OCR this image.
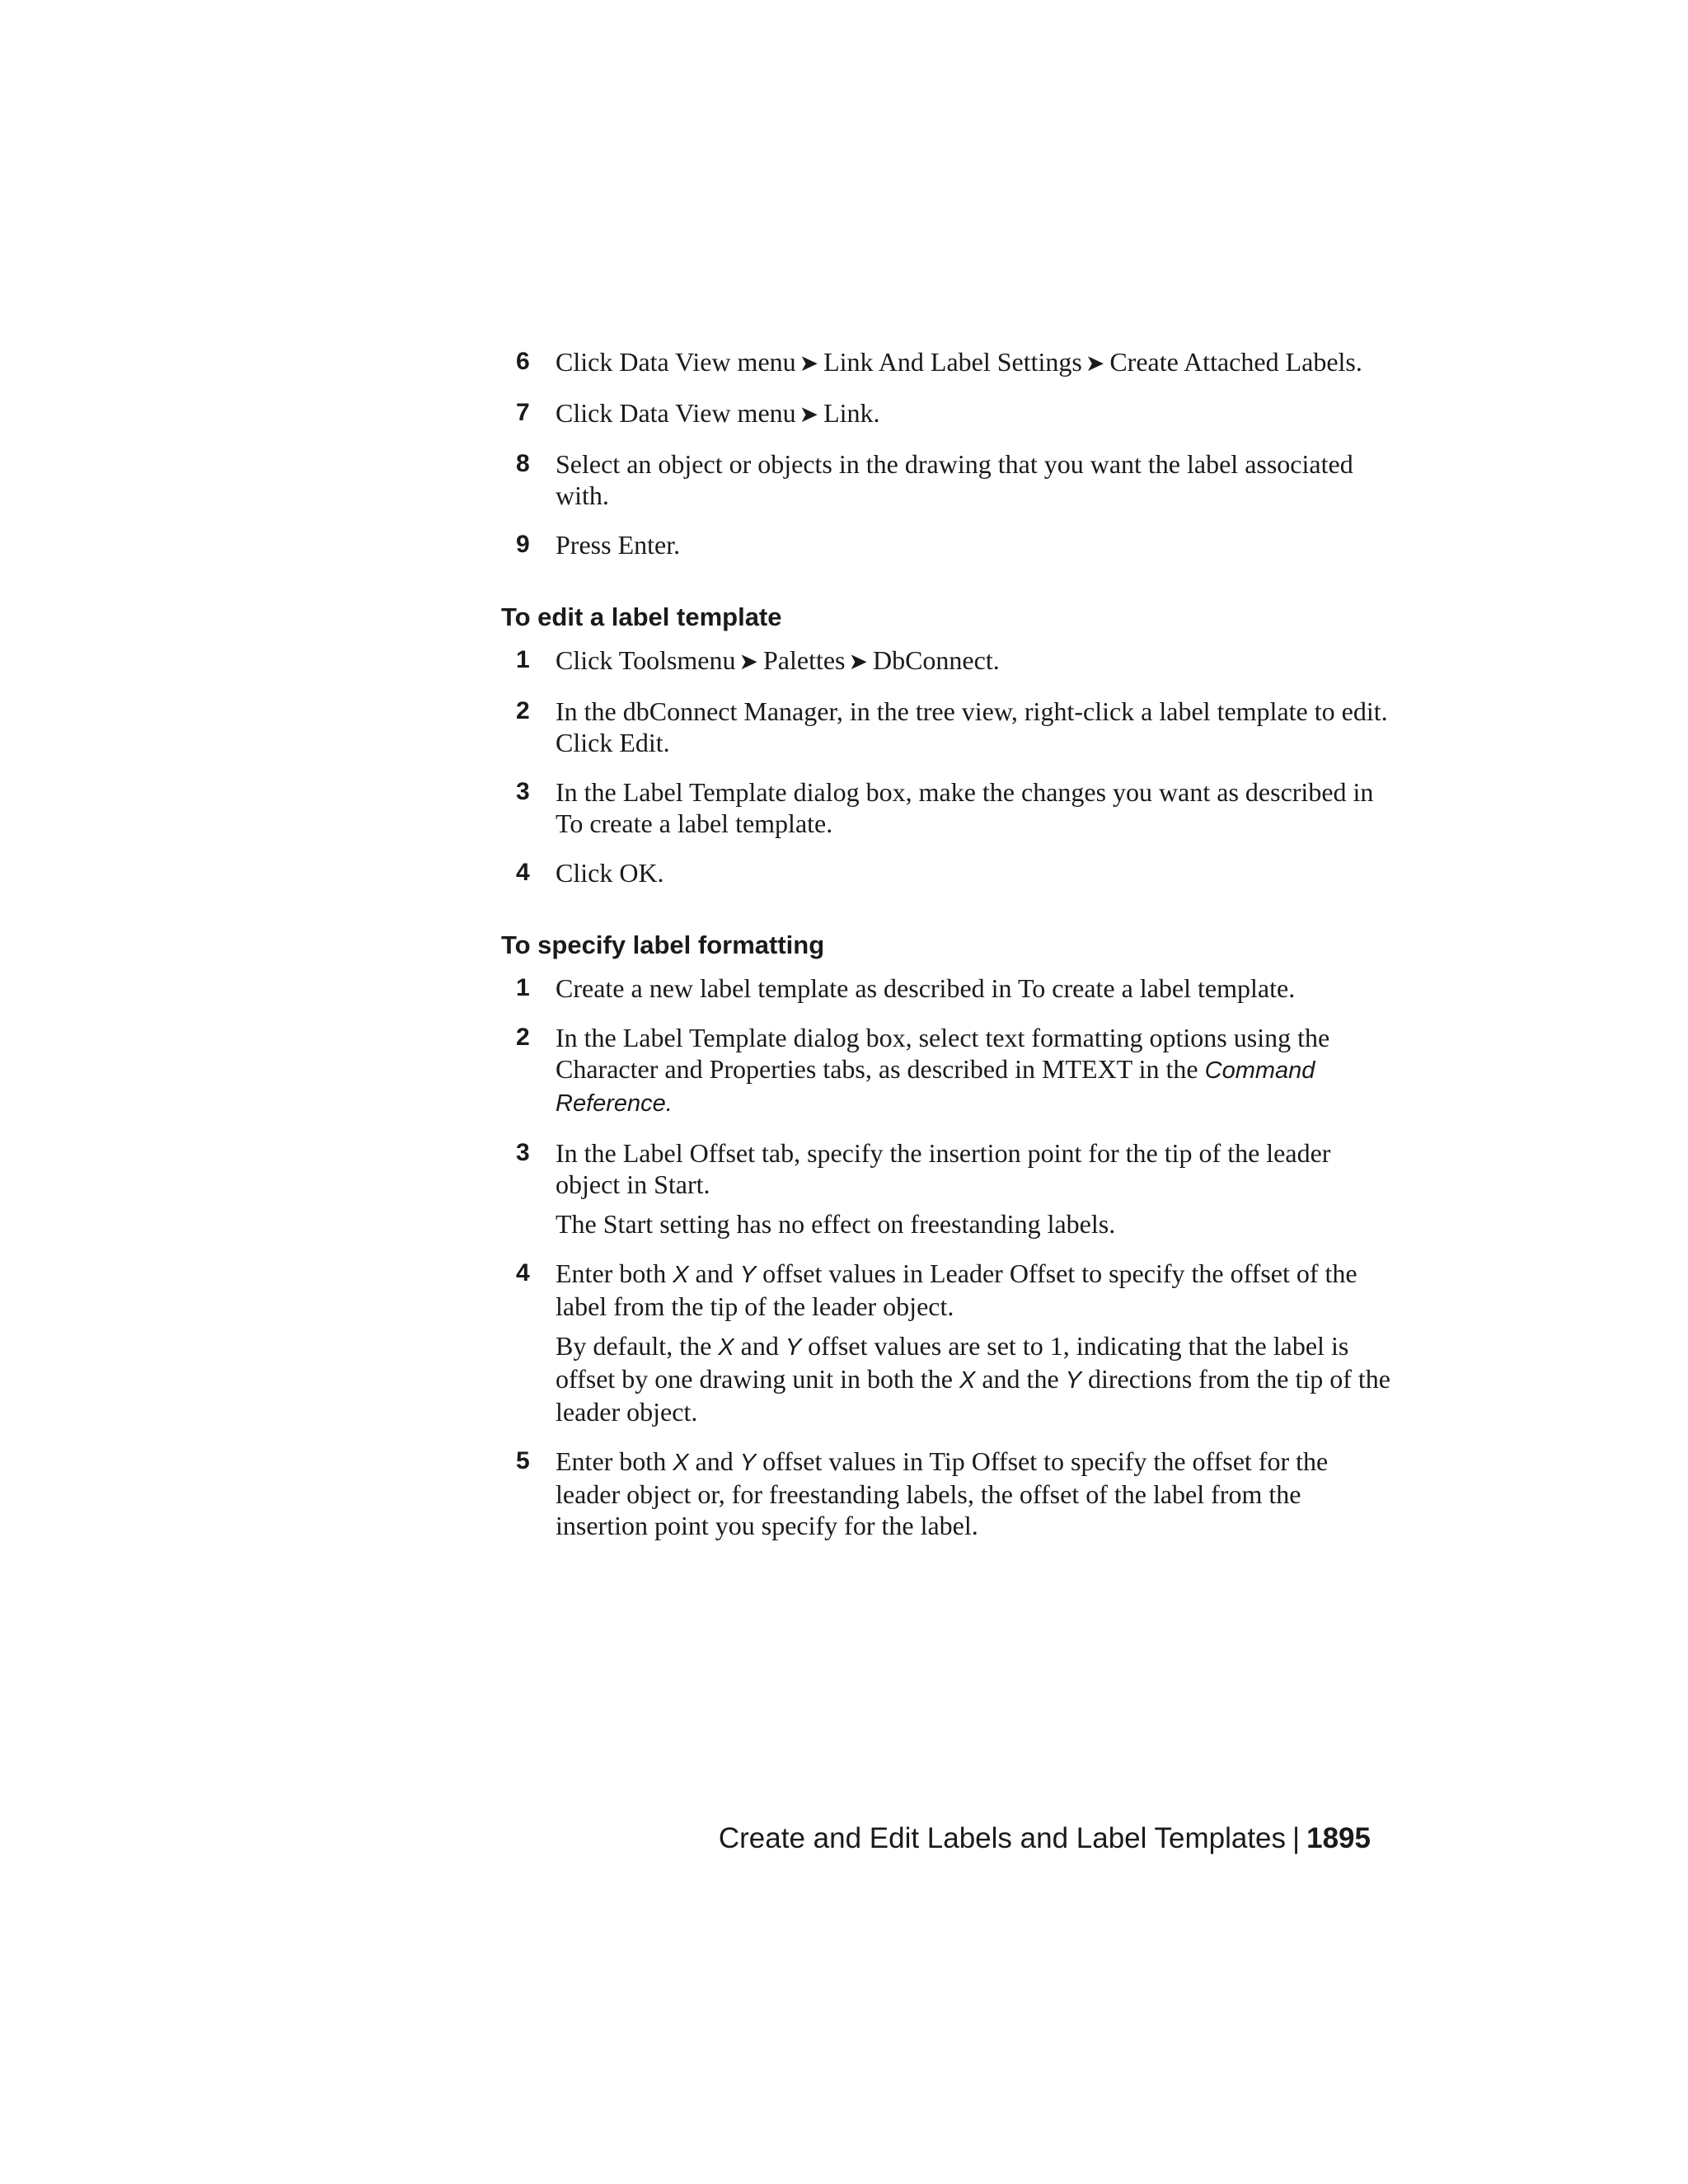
6 Click Data View menu ➤ Link And Label Settings ➤ Create Attached Labels.
7 Click Data View menu ➤ Link.
8 Select an object or objects in the drawing that you want the label associated with.
9 Press Enter.
To edit a label template
1 Click Toolsmenu ➤ Palettes ➤ DbConnect.
2 In the dbConnect Manager, in the tree view, right-click a label template to edit. Click Edit.
3 In the Label Template dialog box, make the changes you want as described in To create a label template.
4 Click OK.
To specify label formatting
1 Create a new label template as described in To create a label template.
2 In the Label Template dialog box, select text formatting options using the Character and Properties tabs, as described in MTEXT in the Command Reference.
3 In the Label Offset tab, specify the insertion point for the tip of the leader object in Start.
The Start setting has no effect on freestanding labels.
4 Enter both X and Y offset values in Leader Offset to specify the offset of the label from the tip of the leader object.
By default, the X and Y offset values are set to 1, indicating that the label is offset by one drawing unit in both the X and the Y directions from the tip of the leader object.
5 Enter both X and Y offset values in Tip Offset to specify the offset for the leader object or, for freestanding labels, the offset of the label from the insertion point you specify for the label.
Create and Edit Labels and Label Templates | 1895
